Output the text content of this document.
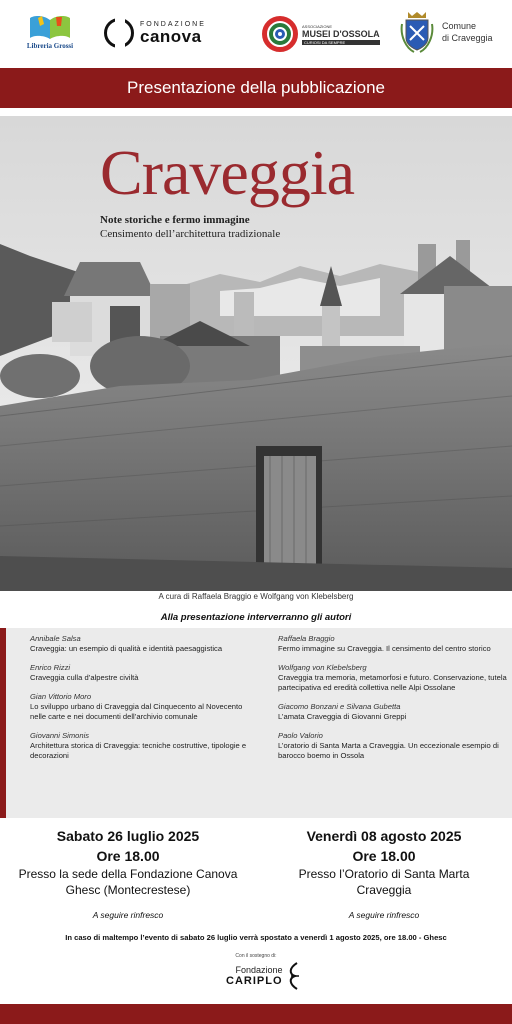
Libreria Grossi
FONDAZIONE
canova
ASSOCIAZIONE
MUSEI D'OSSOLA
CURIOSI DA SEMPRE
Comune
di Craveggia
Presentazione della pubblicazione
Craveggia
Note storiche e fermo immagine
Censimento dell’architettura tradizionale
A cura di Raffaela Braggio e Wolfgang von Klebelsberg
Alla presentazione interverranno gli autori
Annibale Salsa
Craveggia: un esempio di qualità e identità paesaggistica
Enrico Rizzi
Craveggia culla d’alpestre civiltà
Gian Vittorio Moro
Lo sviluppo urbano di Craveggia dal Cinquecento al Novecento nelle carte e nei documenti dell’archivio comunale
Giovanni Simonis
Architettura storica di Craveggia: tecniche costruttive, tipologie e decorazioni
Raffaela Braggio
Fermo immagine su Craveggia. Il censimento del centro storico
Wolfgang von Klebelsberg
Craveggia tra memoria, metamorfosi e futuro. Conservazione, tutela partecipativa ed eredità collettiva nelle Alpi Ossolane
Giacomo Bonzani e Silvana Gubetta
L’amata Craveggia di Giovanni Greppi
Paolo Valorio
L’oratorio di Santa Marta a Craveggia. Un eccezionale esempio di barocco boemo in Ossola
Sabato 26 luglio 2025
Ore 18.00
Presso la sede della Fondazione Canova
Ghesc (Montecrestese)
A seguire rinfresco
Venerdì 08 agosto 2025
Ore 18.00
Presso l’Oratorio di Santa Marta
Craveggia
A seguire rinfresco
In caso di maltempo l’evento di sabato 26 luglio verrà spostato a venerdì 1 agosto 2025, ore 18.00 - Ghesc
Con il sostegno di:
Fondazione
CARIPLO
